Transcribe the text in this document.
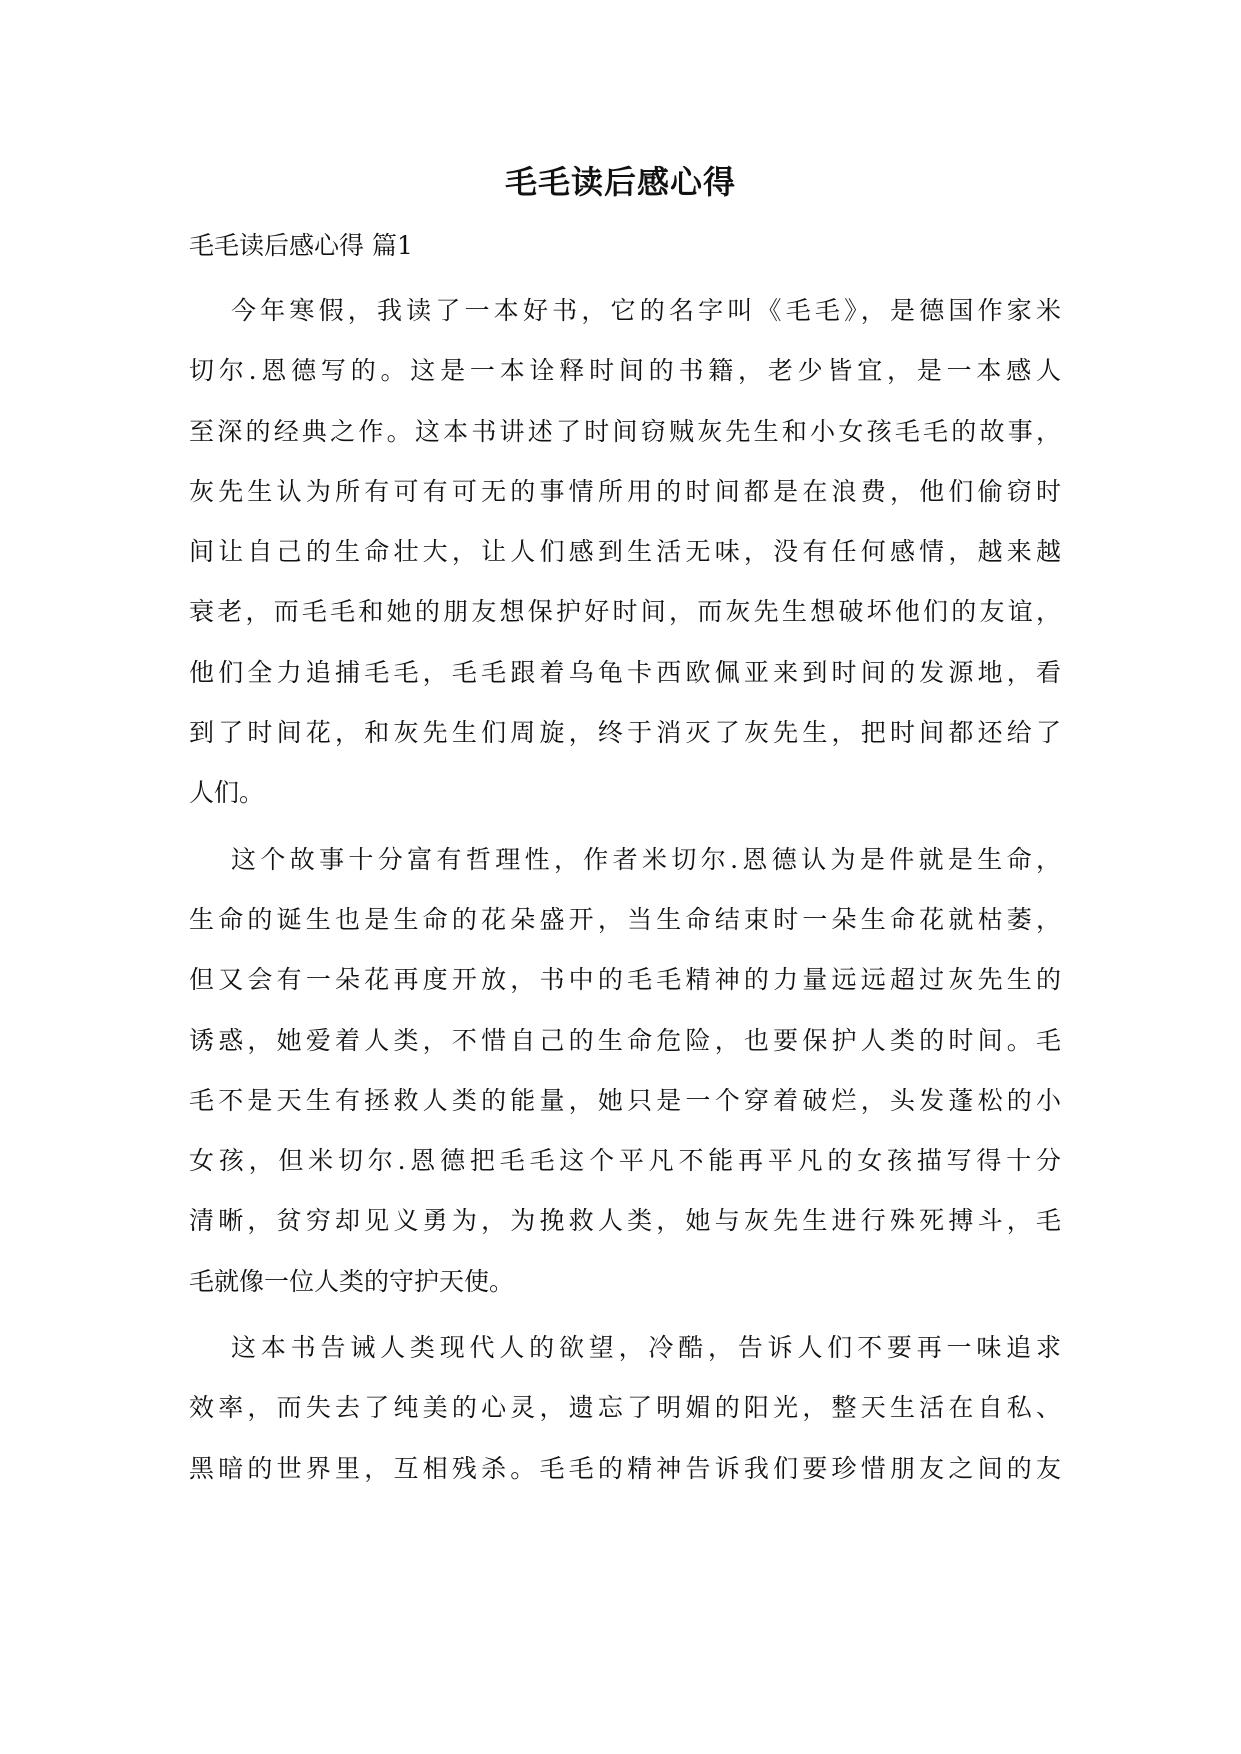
毛毛读后感心得
毛毛读后感心得 篇1
今年寒假，我读了一本好书，它的名字叫《毛毛》，是德国作家米
切尔.恩德写的。这是一本诠释时间的书籍，老少皆宜，是一本感人
至深的经典之作。这本书讲述了时间窃贼灰先生和小女孩毛毛的故事，
灰先生认为所有可有可无的事情所用的时间都是在浪费，他们偷窃时
间让自己的生命壮大，让人们感到生活无味，没有任何感情，越来越
衰老，而毛毛和她的朋友想保护好时间，而灰先生想破坏他们的友谊，
他们全力追捕毛毛，毛毛跟着乌龟卡西欧佩亚来到时间的发源地，看
到了时间花，和灰先生们周旋，终于消灭了灰先生，把时间都还给了
人们。
这个故事十分富有哲理性，作者米切尔.恩德认为是件就是生命，
生命的诞生也是生命的花朵盛开，当生命结束时一朵生命花就枯萎，
但又会有一朵花再度开放，书中的毛毛精神的力量远远超过灰先生的
诱惑，她爱着人类，不惜自己的生命危险，也要保护人类的时间。毛
毛不是天生有拯救人类的能量，她只是一个穿着破烂，头发蓬松的小
女孩，但米切尔.恩德把毛毛这个平凡不能再平凡的女孩描写得十分
清晰，贫穷却见义勇为，为挽救人类，她与灰先生进行殊死搏斗，毛
毛就像一位人类的守护天使。
这本书告诫人类现代人的欲望，冷酷，告诉人们不要再一味追求
效率，而失去了纯美的心灵，遗忘了明媚的阳光，整天生活在自私、
黑暗的世界里，互相残杀。毛毛的精神告诉我们要珍惜朋友之间的友
